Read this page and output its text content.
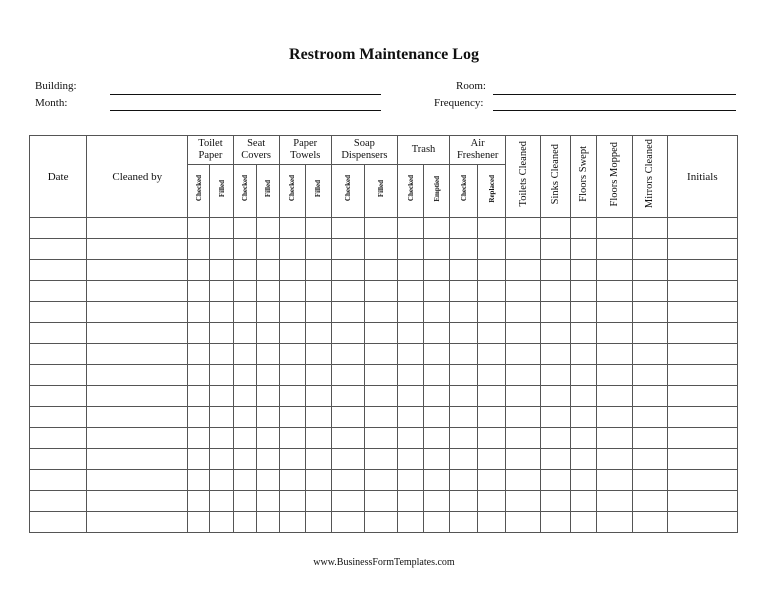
Restroom Maintenance Log
Building:
Month:
Room:
Frequency:
Date	Cleaned by	Toilet Paper		Seat Covers		Paper Towels		Soap Dispensers		Trash		Air Freshener		Toilets Cleaned	Sinks Cleaned	Floors Swept	Floors Mopped	Mirrors Cleaned	Initials
		Checked	Filled	Checked	Filled	Checked	Filled	Checked	Filled	Checked	Emptied	Checked	Replaced						

www.BusinessFormTemplates.com
